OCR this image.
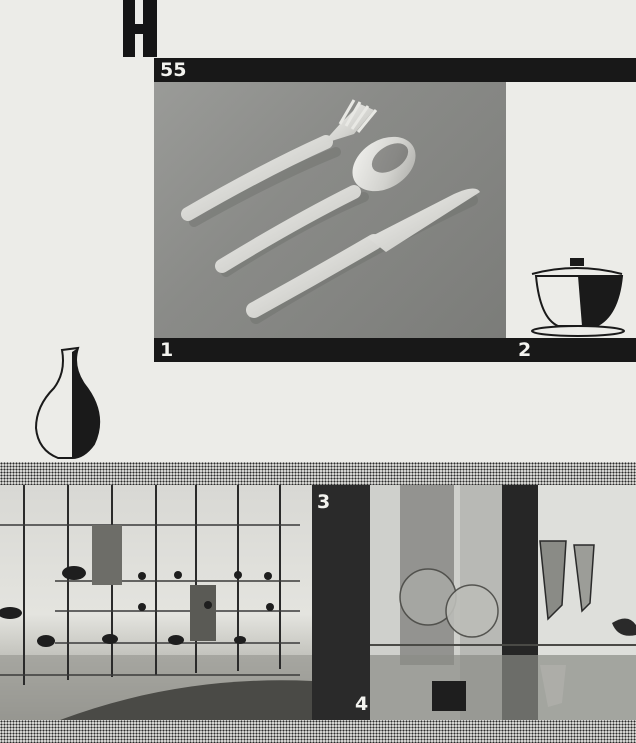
55
1	2
3
4
